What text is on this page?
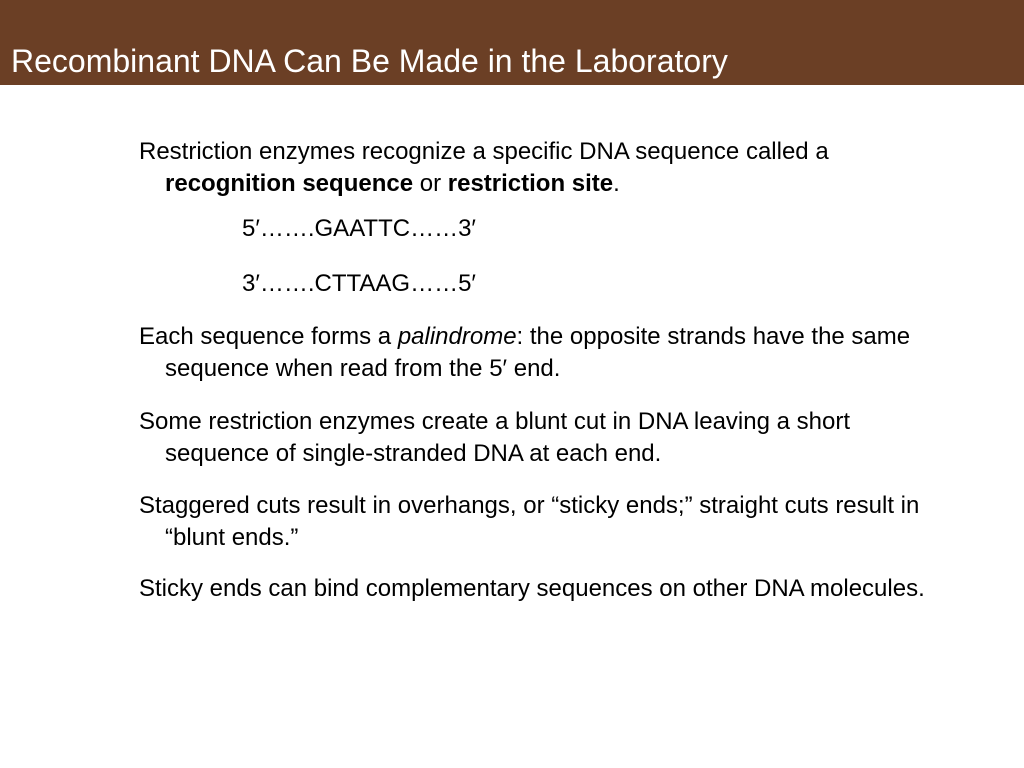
Recombinant DNA Can Be Made in the Laboratory

Restriction enzymes recognize a specific DNA sequence called a recognition sequence or restriction site.

5′…….GAATTC……3′

3′…….CTTAAG……5′

Each sequence forms a palindrome: the opposite strands have the same sequence when read from the 5′ end.

Some restriction enzymes create a blunt cut in DNA leaving a short sequence of single-stranded DNA at each end.

Staggered cuts result in overhangs, or “sticky ends;” straight cuts result in “blunt ends.”

Sticky ends can bind complementary sequences on other DNA molecules.
